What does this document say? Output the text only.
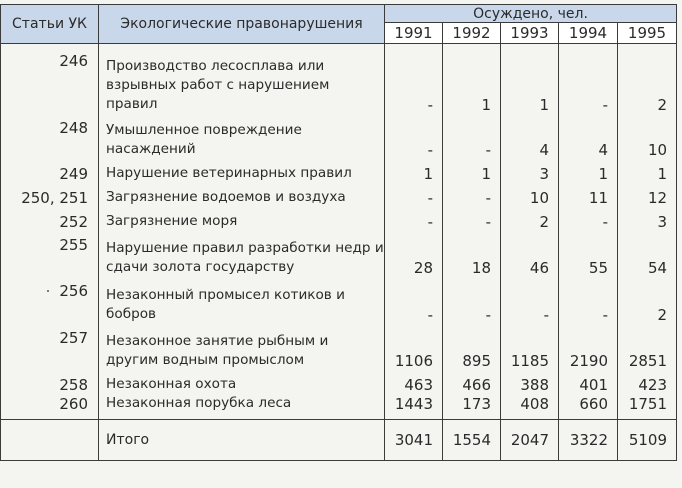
Статьи УК	Экологические правонарушения	Осуждено, чел.				
		1991	1992	1993	1994	1995
246	Производство лесосплава или взрывных работ с нарушением правил	-	1	1	-	2
248	Умышленное повреждение насаждений	-	-	4	4	10
249	Нарушение ветеринарных правил	1	1	3	1	1
250, 251	Загрязнение водоемов и воздуха	-	-	10	11	12
252	Загрязнение моря	-	-	2	-	3
255	Нарушение правил разработки недр и сдачи золота государству	28	18	46	55	54
256	Незаконный промысел котиков и бобров	-	-	-	-	2
257	Незаконное занятие рыбным и другим водным промыслом	1106	895	1185	2190	2851
258	Незаконная охота	463	466	388	401	423
260	Незаконная порубка леса	1443	173	408	660	1751
	Итого	3041	1554	2047	3322	5109
